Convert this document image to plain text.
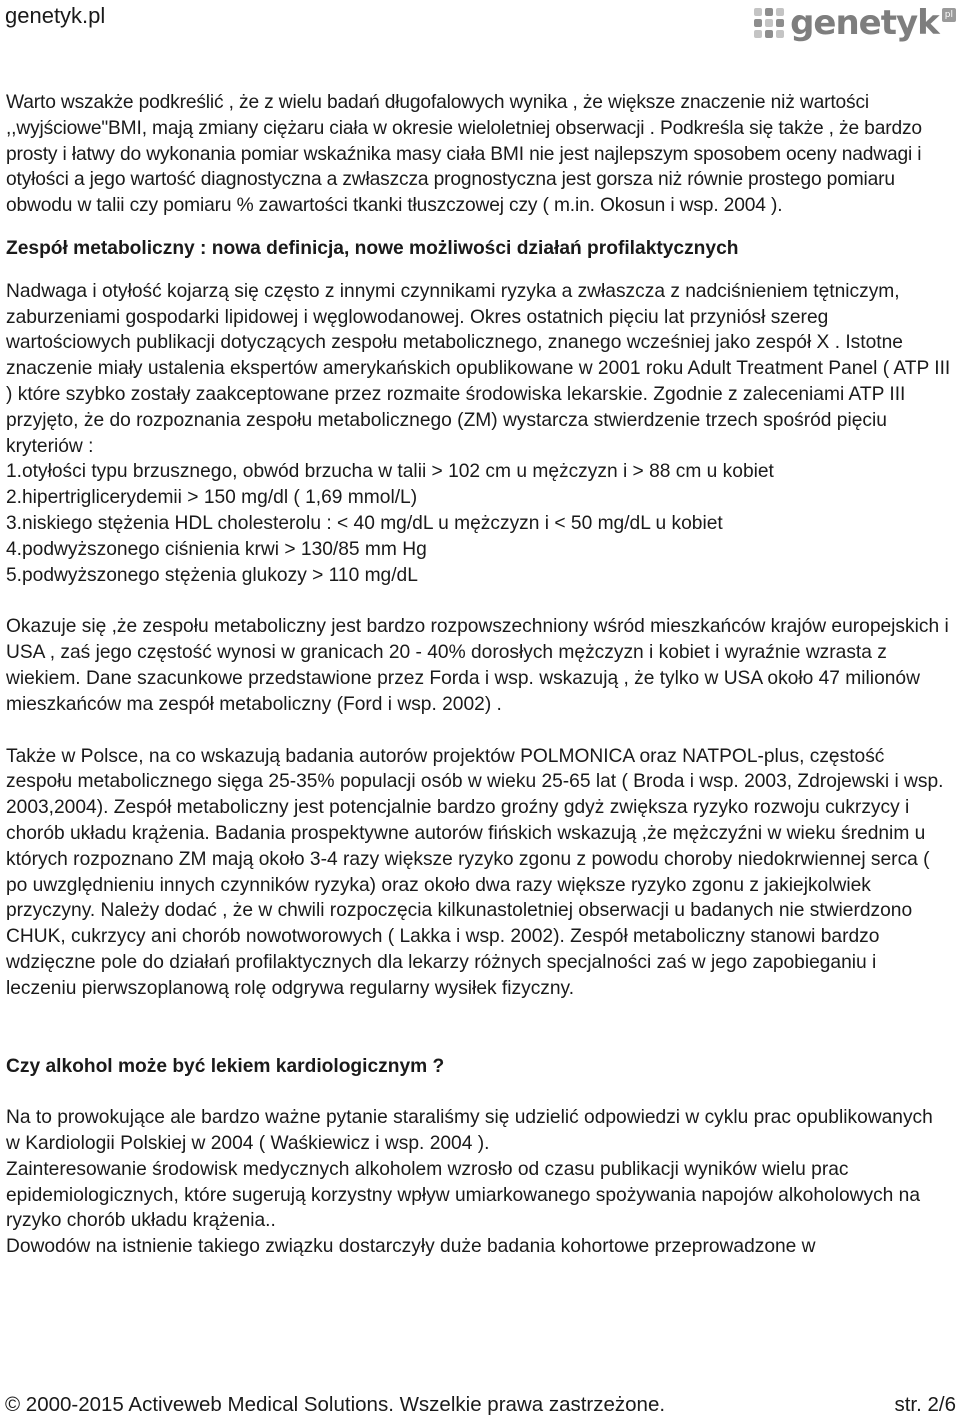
genetyk.pl	genetyk pl

Warto wszakże podkreślić , że z wielu badań długofalowych wynika , że większe znaczenie niż wartości ,,wyjściowe"BMI, mają zmiany ciężaru ciała w okresie wieloletniej obserwacji . Podkreśla się także , że bardzo prosty i łatwy do wykonania pomiar wskaźnika masy ciała BMI nie jest najlepszym sposobem oceny nadwagi i otyłości a jego wartość diagnostyczna a zwłaszcza prognostyczna jest gorsza niż równie prostego pomiaru obwodu w talii czy pomiaru % zawartości tkanki tłuszczowej czy ( m.in. Okosun i wsp. 2004 ).

Zespół metaboliczny : nowa definicja, nowe możliwości działań profilaktycznych

Nadwaga i otyłość kojarzą się często z innymi czynnikami ryzyka a zwłaszcza z nadciśnieniem tętniczym, zaburzeniami gospodarki lipidowej i węglowodanowej. Okres ostatnich pięciu lat przyniósł szereg wartościowych publikacji dotyczących zespołu metabolicznego, znanego wcześniej jako zespół X . Istotne znaczenie miały ustalenia ekspertów amerykańskich opublikowane w 2001 roku Adult Treatment Panel ( ATP III ) które szybko zostały zaakceptowane przez rozmaite środowiska lekarskie. Zgodnie z zaleceniami ATP III przyjęto, że do rozpoznania zespołu metabolicznego (ZM) wystarcza stwierdzenie trzech spośród pięciu kryteriów :

1.otyłości typu brzusznego, obwód brzucha w talii > 102 cm u mężczyzn i > 88 cm u kobiet

2.hipertriglicerydemii > 150 mg/dl ( 1,69 mmol/L)

3.niskiego stężenia HDL cholesterolu : < 40 mg/dL u mężczyzn i < 50 mg/dL u kobiet

4.podwyższonego ciśnienia krwi > 130/85 mm Hg

5.podwyższonego stężenia glukozy > 110 mg/dL

Okazuje się ,że zespołu metaboliczny jest bardzo rozpowszechniony wśród mieszkańców krajów europejskich i USA , zaś jego częstość wynosi w granicach 20 - 40% dorosłych mężczyzn i kobiet i wyraźnie wzrasta z wiekiem. Dane szacunkowe przedstawione przez Forda i wsp. wskazują , że tylko w USA około 47 milionów mieszkańców ma zespół metaboliczny (Ford i wsp. 2002) .

Także w Polsce, na co wskazują badania autorów projektów POLMONICA oraz NATPOL-plus, częstość zespołu metabolicznego sięga 25-35% populacji osób w wieku 25-65 lat ( Broda i wsp. 2003, Zdrojewski i wsp. 2003,2004). Zespół metaboliczny jest potencjalnie bardzo groźny gdyż zwiększa ryzyko rozwoju cukrzycy i chorób układu krążenia. Badania prospektywne autorów fińskich wskazują ,że mężczyźni w wieku średnim u których rozpoznano ZM mają około 3-4 razy większe ryzyko zgonu z powodu choroby niedokrwiennej serca ( po uwzględnieniu innych czynników ryzyka) oraz około dwa razy większe ryzyko zgonu z jakiejkolwiek przyczyny. Należy dodać , że w chwili rozpoczęcia kilkunastoletniej obserwacji u badanych nie stwierdzono CHUK, cukrzycy ani chorób nowotworowych ( Lakka i wsp. 2002). Zespół metaboliczny stanowi bardzo wdzięczne pole do działań profilaktycznych dla lekarzy różnych specjalności zaś w jego zapobieganiu i leczeniu pierwszoplanową rolę odgrywa regularny wysiłek fizyczny.

Czy alkohol może być lekiem kardiologicznym ?

Na to prowokujące ale bardzo ważne pytanie staraliśmy się udzielić odpowiedzi w cyklu prac opublikowanych w Kardiologii Polskiej w 2004 ( Waśkiewicz i wsp. 2004 ).

Zainteresowanie środowisk medycznych alkoholem wzrosło od czasu publikacji wyników wielu prac epidemiologicznych, które sugerują korzystny wpływ umiarkowanego spożywania napojów alkoholowych na ryzyko chorób układu krążenia..

Dowodów na istnienie takiego związku dostarczyły duże badania kohortowe przeprowadzone w

© 2000-2015 Activeweb Medical Solutions. Wszelkie prawa zastrzeżone.	str. 2/6
